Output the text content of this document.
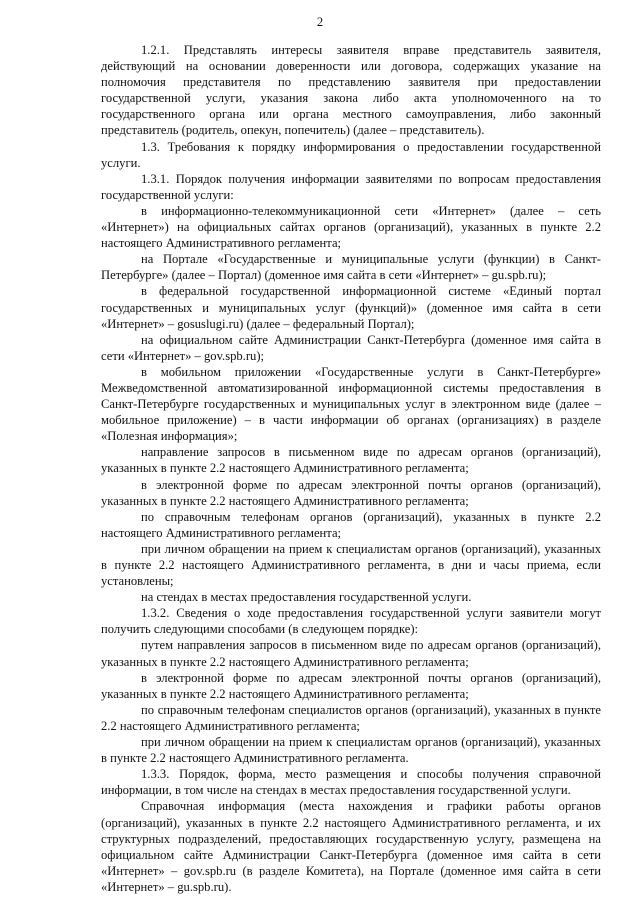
2

1.2.1. Представлять интересы заявителя вправе представитель заявителя, действующий на основании доверенности или договора, содержащих указание на полномочия представителя по представлению заявителя при предоставлении государственной услуги, указания закона либо акта уполномоченного на то государственного органа или органа местного самоуправления, либо законный представитель (родитель, опекун, попечитель) (далее – представитель).

1.3. Требования к порядку информирования о предоставлении государственной услуги.

1.3.1. Порядок получения информации заявителями по вопросам предоставления государственной услуги:

в информационно-телекоммуникационной сети «Интернет» (далее – сеть «Интернет») на официальных сайтах органов (организаций), указанных в пункте 2.2 настоящего Административного регламента;

на Портале «Государственные и муниципальные услуги (функции) в Санкт-Петербурге» (далее – Портал) (доменное имя сайта в сети «Интернет» – gu.spb.ru);

в федеральной государственной информационной системе «Единый портал государственных и муниципальных услуг (функций)» (доменное имя сайта в сети «Интернет» – gosuslugi.ru) (далее – федеральный Портал);

на официальном сайте Администрации Санкт-Петербурга (доменное имя сайта в сети «Интернет» – gov.spb.ru);

в мобильном приложении «Государственные услуги в Санкт-Петербурге» Межведомственной автоматизированной информационной системы предоставления в Санкт-Петербурге государственных и муниципальных услуг в электронном виде (далее – мобильное приложение) – в части информации об органах (организациях) в разделе «Полезная информация»;

направление запросов в письменном виде по адресам органов (организаций), указанных в пункте 2.2 настоящего Административного регламента;

в электронной форме по адресам электронной почты органов (организаций), указанных в пункте 2.2 настоящего Административного регламента;

по справочным телефонам органов (организаций), указанных в пункте 2.2 настоящего Административного регламента;

при личном обращении на прием к специалистам органов (организаций), указанных в пункте 2.2 настоящего Административного регламента, в дни и часы приема, если установлены;

на стендах в местах предоставления государственной услуги.

1.3.2. Сведения о ходе предоставления государственной услуги заявители могут получить следующими способами (в следующем порядке):

путем направления запросов в письменном виде по адресам органов (организаций), указанных в пункте 2.2 настоящего Административного регламента;

в электронной форме по адресам электронной почты органов (организаций), указанных в пункте 2.2 настоящего Административного регламента;

по справочным телефонам специалистов органов (организаций), указанных в пункте 2.2 настоящего Административного регламента;

при личном обращении на прием к специалистам органов (организаций), указанных в пункте 2.2 настоящего Административного регламента.

1.3.3. Порядок, форма, место размещения и способы получения справочной информации, в том числе на стендах в местах предоставления государственной услуги.

Справочная информация (места нахождения и графики работы органов (организаций), указанных в пункте 2.2 настоящего Административного регламента, и их структурных подразделений, предоставляющих государственную услугу, размещена на официальном сайте Администрации Санкт-Петербурга (доменное имя сайта в сети «Интернет» – gov.spb.ru (в разделе Комитета), на Портале (доменное имя сайта в сети «Интернет» – gu.spb.ru).
